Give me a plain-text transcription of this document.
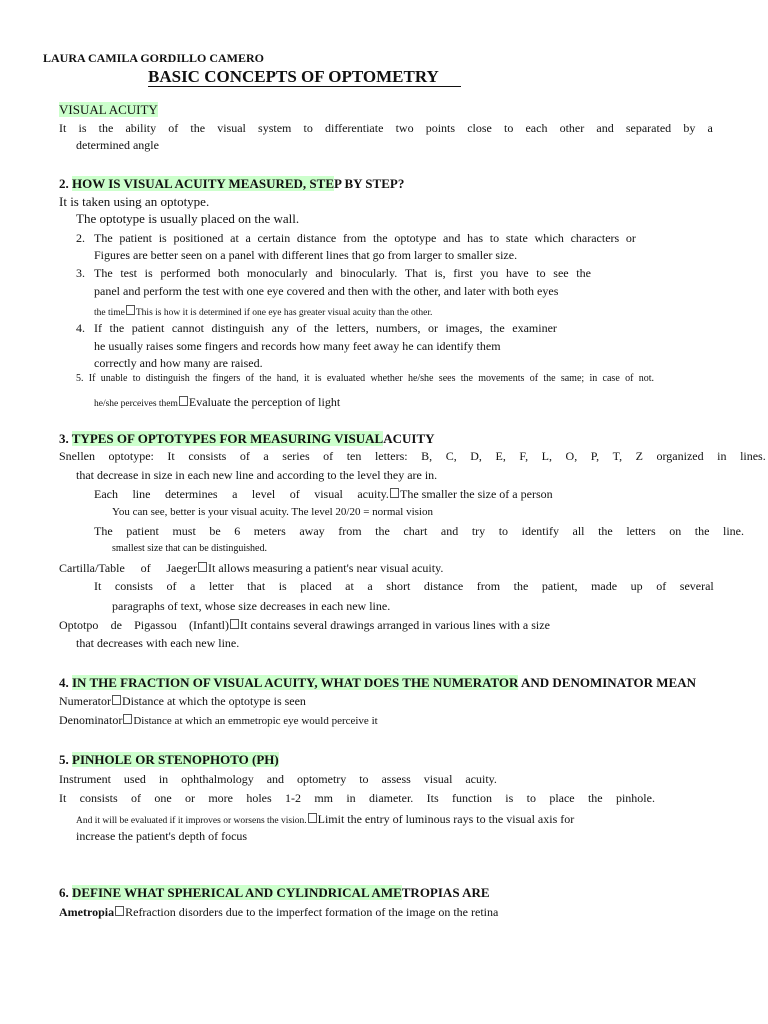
LAURA CAMILA GORDILLO CAMERO
BASIC CONCEPTS OF OPTOMETRY
VISUAL ACUITY
It is the ability of the visual system to differentiate two points close to each other and separated by a
determined angle
2. HOW IS VISUAL ACUITY MEASURED, STEP BY STEP?
It is taken using an optotype.
The optotype is usually placed on the wall.
2. The patient is positioned at a certain distance from the optotype and has to state which characters or
Figures are better seen on a panel with different lines that go from larger to smaller size.
3. The test is performed both monocularly and binocularly. That is, first you have to see the
panel and perform the test with one eye covered and then with the other, and later with both eyes
the time This is how it is determined if one eye has greater visual acuity than the other.
4. If the patient cannot distinguish any of the letters, numbers, or images, the examiner
he usually raises some fingers and records how many feet away he can identify them
correctly and how many are raised.
5. If unable to distinguish the fingers of the hand, it is evaluated whether he/she sees the movements of the same; in case of not.
he/she perceives them Evaluate the perception of light
3. TYPES OF OPTOTYPES FOR MEASURING VISUALACUITY
Snellen optotype: It consists of a series of ten letters: B, C, D, E, F, L, O, P, T, Z organized in lines.
that decrease in size in each new line and according to the level they are in.
Each line determines a level of visual acuity. The smaller the size of a person
You can see, better is your visual acuity. The level 20/20 = normal vision
The patient must be 6 meters away from the chart and try to identify all the letters on the line.
smallest size that can be distinguished.
Cartilla/Table of Jaeger It allows measuring a patient's near visual acuity.
It consists of a letter that is placed at a short distance from the patient, made up of several
paragraphs of text, whose size decreases in each new line.
Optotpo de Pigassou (Infantl) It contains several drawings arranged in various lines with a size
that decreases with each new line.
4. IN THE FRACTION OF VISUAL ACUITY, WHAT DOES THE NUMERATOR AND DENOMINATOR MEAN
Numerator Distance at which the optotype is seen
Denominator Distance at which an emmetropic eye would perceive it
5. PINHOLE OR STENOPHOTO (PH)
Instrument used in ophthalmology and optometry to assess visual acuity.
It consists of one or more holes 1-2 mm in diameter. Its function is to place the pinhole.
And it will be evaluated if it improves or worsens the vision. Limit the entry of luminous rays to the visual axis for
increase the patient's depth of focus
6. DEFINE WHAT SPHERICAL AND CYLINDRICAL AMETROPIAS ARE
Ametropia Refraction disorders due to the imperfect formation of the image on the retina
